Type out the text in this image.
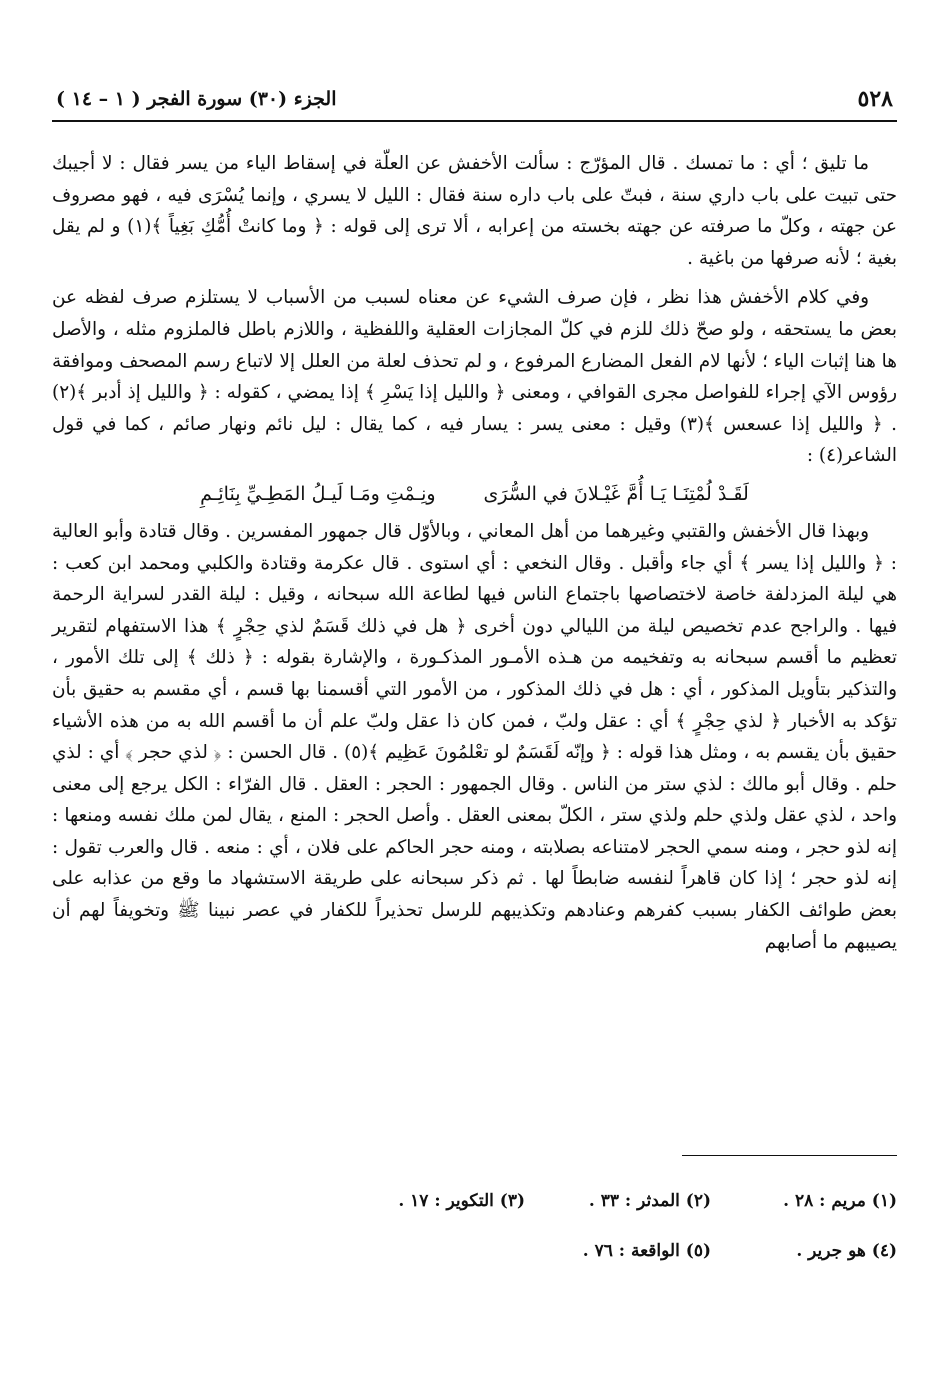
٥٢٨
الجزء (٣٠) سورة الفجر ( ١ – ١٤ )

ما تليق ؛ أي : ما تمسك . قال المؤرّج : سألت الأخفش عن العلّة في إسقاط الياء من يسر فقال : لا أجيبك حتى تبيت على باب داري سنة ، فبتّ على باب داره سنة فقال : الليل لا يسري ، وإنما يُسْرَى فيه ، فهو مصروف عن جهته ، وكلّ ما صرفته عن جهته بخسته من إعرابه ، ألا ترى إلى قوله : ﴿ وما كانتْ أُمُّكِ بَغِياً ﴾(١) و لم يقل بغية ؛ لأنه صرفها من باغية .

وفي كلام الأخفش هذا نظر ، فإن صرف الشيء عن معناه لسبب من الأسباب لا يستلزم صرف لفظه عن بعض ما يستحقه ، ولو صحّ ذلك للزم في كلّ المجازات العقلية واللفظية ، واللازم باطل فالملزوم مثله ، والأصل ها هنا إثبات الياء ؛ لأنها لام الفعل المضارع المرفوع ، و لم تحذف لعلة من العلل إلا لاتباع رسم المصحف وموافقة رؤوس الآي إجراء للفواصل مجرى القوافي ، ومعنى ﴿ والليل إذا يَسْرِ ﴾ إذا يمضي ، كقوله : ﴿ والليل إذ أدبر ﴾(٢) . ﴿ والليل إذا عسعس ﴾(٣) وقيل : معنى يسر : يسار فيه ، كما يقال : ليل نائم ونهار صائم ، كما في قول الشاعر(٤) :

لَقَـدْ لُمْتِنَـا يَـا أُمَّ غَيْـلانَ في السُّرَى
ونِـمْتِ ومَـا لَيـلُ المَطِـيِّ بِنَائِـمِ

وبهذا قال الأخفش والقتبي وغيرهما من أهل المعاني ، وبالأوّل قال جمهور المفسرين . وقال قتادة وأبو العالية : ﴿ والليل إذا يسر ﴾ أي جاء وأقبل . وقال النخعي : أي استوى . قال عكرمة وقتادة والكلبي ومحمد ابن كعب : هي ليلة المزدلفة خاصة لاختصاصها باجتماع الناس فيها لطاعة الله سبحانه ، وقيل : ليلة القدر لسراية الرحمة فيها . والراجح عدم تخصيص ليلة من الليالي دون أخرى ﴿ هل في ذلك قَسَمٌ لذي حِجْرٍ ﴾ هذا الاستفهام لتقرير تعظيم ما أقسم سبحانه به وتفخيمه من هـذه الأمـور المذكـورة ، والإشارة بقوله : ﴿ ذلك ﴾ إلى تلك الأمور ، والتذكير بتأويل المذكور ، أي : هل في ذلك المذكور ، من الأمور التي أقسمنا بها قسم ، أي مقسم به حقيق بأن تؤكد به الأخبار ﴿ لذي حِجْرٍ ﴾ أي : عقل ولبّ ، فمن كان ذا عقل ولبّ علم أن ما أقسم الله به من هذه الأشياء حقيق بأن يقسم به ، ومثل هذا قوله : ﴿ وإنّه لَقَسَمٌ لو تعْلمُونَ عَظِيم ﴾(٥) . قال الحسن : ﴿ لذي حجر ﴾ أي : لذي حلم . وقال أبو مالك : لذي ستر من الناس . وقال الجمهور : الحجر : العقل . قال الفرّاء : الكل يرجع إلى معنى واحد ، لذي عقل ولذي حلم ولذي ستر ، الكلّ بمعنى العقل . وأصل الحجر : المنع ، يقال لمن ملك نفسه ومنعها : إنه لذو حجر ، ومنه سمي الحجر لامتناعه بصلابته ، ومنه حجر الحاكم على فلان ، أي : منعه . قال والعرب تقول : إنه لذو حجر ؛ إذا كان قاهراً لنفسه ضابطاً لها . ثم ذكر سبحانه على طريقة الاستشهاد ما وقع من عذابه على بعض طوائف الكفار بسبب كفرهم وعنادهم وتكذيبهم للرسل تحذيراً للكفار في عصر نبينا ﷺ وتخويفاً لهم أن يصيبهم ما أصابهم

(١) مريم : ٢٨ .
(٢) المدثر : ٣٣ .
(٣) التكوير : ١٧ .
(٤) هو جرير .
(٥) الواقعة : ٧٦ .
